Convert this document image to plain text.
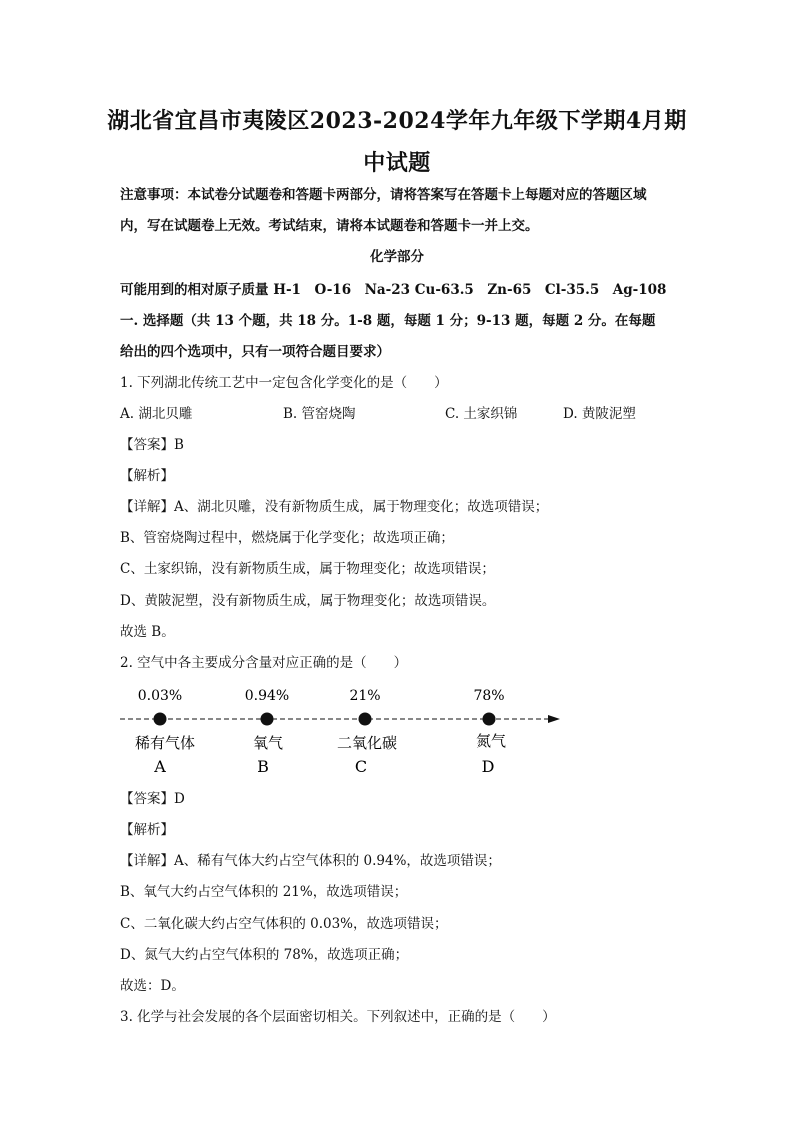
湖北省宜昌市夷陵区2023-2024学年九年级下学期4月期
中试题
注意事项：本试卷分试题卷和答题卡两部分，请将答案写在答题卡上每题对应的答题区域
内，写在试题卷上无效。考试结束，请将本试题卷和答题卡一并上交。
化学部分
可能用到的相对原子质量 H-1　O-16　Na-23 Cu-63.5　Zn-65　Cl-35.5　Ag-108
一. 选择题（共 13 个题，共 18 分。1-8 题，每题 1 分；9-13 题，每题 2 分。在每题
给出的四个选项中，只有一项符合题目要求）
1. 下列湖北传统工艺中一定包含化学变化的是（　　）
A. 湖北贝雕	B. 管窑烧陶	C. 土家织锦	D. 黄陂泥塑
【答案】B
【解析】
【详解】A、湖北贝雕，没有新物质生成，属于物理变化；故选项错误；
B、管窑烧陶过程中，燃烧属于化学变化；故选项正确；
C、土家织锦，没有新物质生成，属于物理变化；故选项错误；
D、黄陂泥塑，没有新物质生成，属于物理变化；故选项错误。
故选 B。
2. 空气中各主要成分含量对应正确的是（　　）
0.03%
稀有气体
A
0.94%
氧气
B
21%
二氧化碳
C
78%
氮气
D
【答案】D
【解析】
【详解】A、稀有气体大约占空气体积的 0.94%，故选项错误；
B、氧气大约占空气体积的 21%，故选项错误；
C、二氧化碳大约占空气体积的 0.03%，故选项错误；
D、氮气大约占空气体积的 78%，故选项正确；
故选：D。
3. 化学与社会发展的各个层面密切相关。下列叙述中，正确的是（　　）
